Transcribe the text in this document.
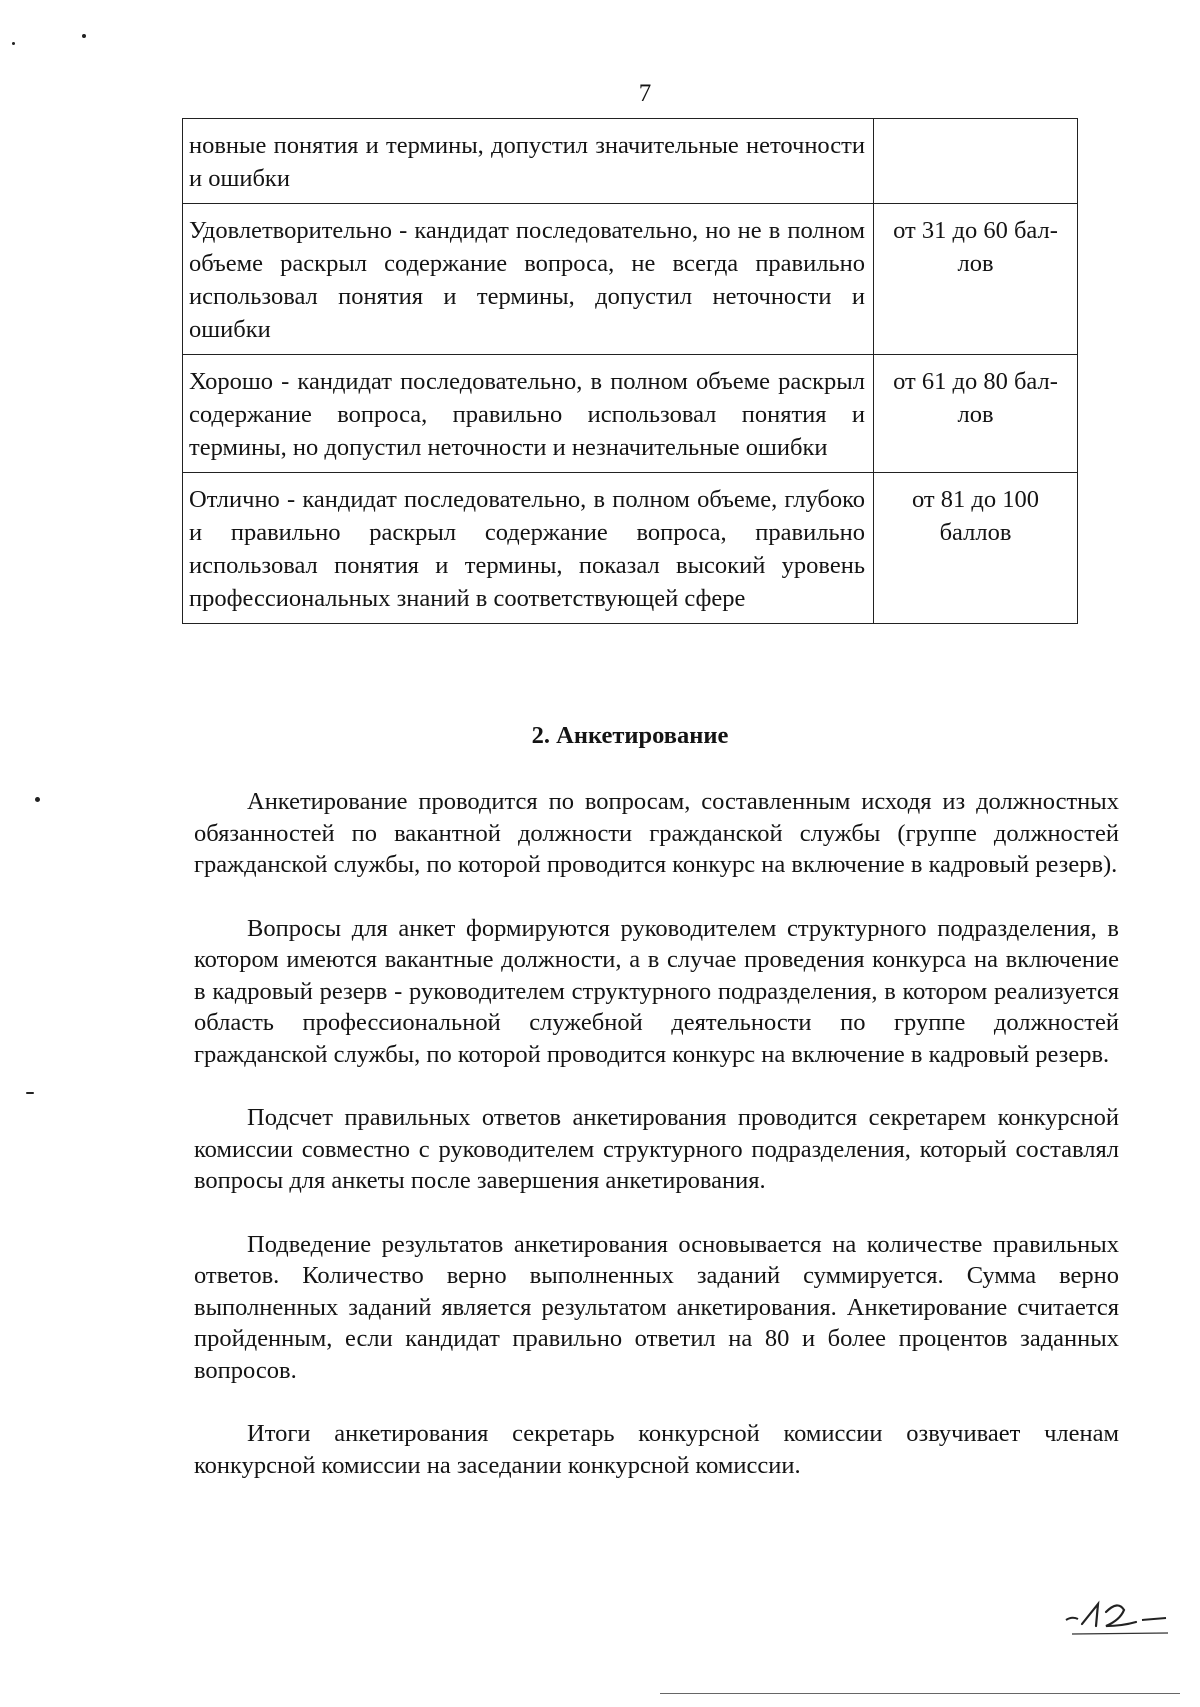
7
новные понятия и термины, допустил значительные неточности и ошибки	
Удовлетворительно - кандидат последовательно, но не в полном объеме раскрыл содержание вопроса, не всегда правильно использовал понятия и термины, допустил неточности и ошибки	от 31 до 60 баллов
Хорошо - кандидат последовательно, в полном объеме раскрыл содержание вопроса, правильно использовал понятия и термины, но допустил неточности и незначительные ошибки	от 61 до 80 баллов
Отлично - кандидат последовательно, в полном объеме, глубоко и правильно раскрыл содержание вопроса, правильно использовал понятия и термины, показал высокий уровень профессиональных знаний в соответствующей сфере	от 81 до 100 баллов
2. Анкетирование

Анкетирование проводится по вопросам, составленным исходя из должностных обязанностей по вакантной должности гражданской службы (группе должностей гражданской службы, по которой проводится конкурс на включение в кадровый резерв).

Вопросы для анкет формируются руководителем структурного подразделения, в котором имеются вакантные должности, а в случае проведения конкурса на включение в кадровый резерв - руководителем структурного подразделения, в котором реализуется область профессиональной служебной деятельности по группе должностей гражданской службы, по которой проводится конкурс на включение в кадровый резерв.

Подсчет правильных ответов анкетирования проводится секретарем конкурсной комиссии совместно с руководителем структурного подразделения, который составлял вопросы для анкеты после завершения анкетирования.

Подведение результатов анкетирования основывается на количестве правильных ответов. Количество верно выполненных заданий суммируется. Сумма верно выполненных заданий является результатом анкетирования. Анкетирование считается пройденным, если кандидат правильно ответил на 80 и более процентов заданных вопросов.

Итоги анкетирования секретарь конкурсной комиссии озвучивает членам конкурсной комиссии на заседании конкурсной комиссии.
